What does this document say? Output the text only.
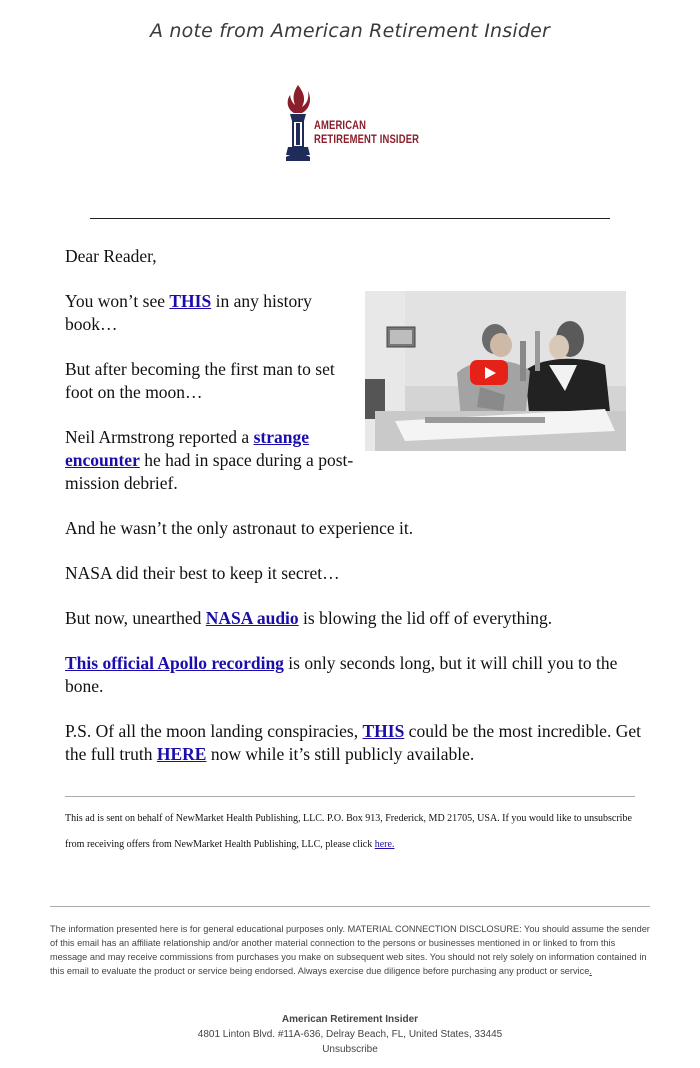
A note from American Retirement Insider
AMERICAN
RETIREMENT INSIDER

Dear Reader,

You won’t see THIS in any history book…

But after becoming the first man to set foot on the moon…

Neil Armstrong reported a strange encounter he had in space during a post-mission debrief.

And he wasn’t the only astronaut to experience it.

NASA did their best to keep it secret…

But now, unearthed NASA audio is blowing the lid off of everything.

This official Apollo recording is only seconds long, but it will chill you to the bone.

P.S. Of all the moon landing conspiracies, THIS could be the most incredible. Get the full truth HERE now while it’s still publicly available.

This ad is sent on behalf of NewMarket Health Publishing, LLC. P.O. Box 913, Frederick, MD 21705, USA. If you would like to unsubscribe from receiving offers from NewMarket Health Publishing, LLC, please click here.
The information presented here is for general educational purposes only. MATERIAL CONNECTION DISCLOSURE: You should assume the sender of this email has an affiliate relationship and/or another material connection to the persons or businesses mentioned in or linked to from this message and may receive commissions from purchases you make on subsequent web sites. You should not rely solely on information contained in this email to evaluate the product or service being endorsed. Always exercise due diligence before purchasing any product or service.
American Retirement Insider
4801 Linton Blvd. #11A-636, Delray Beach, FL, United States, 33445
Unsubscribe
